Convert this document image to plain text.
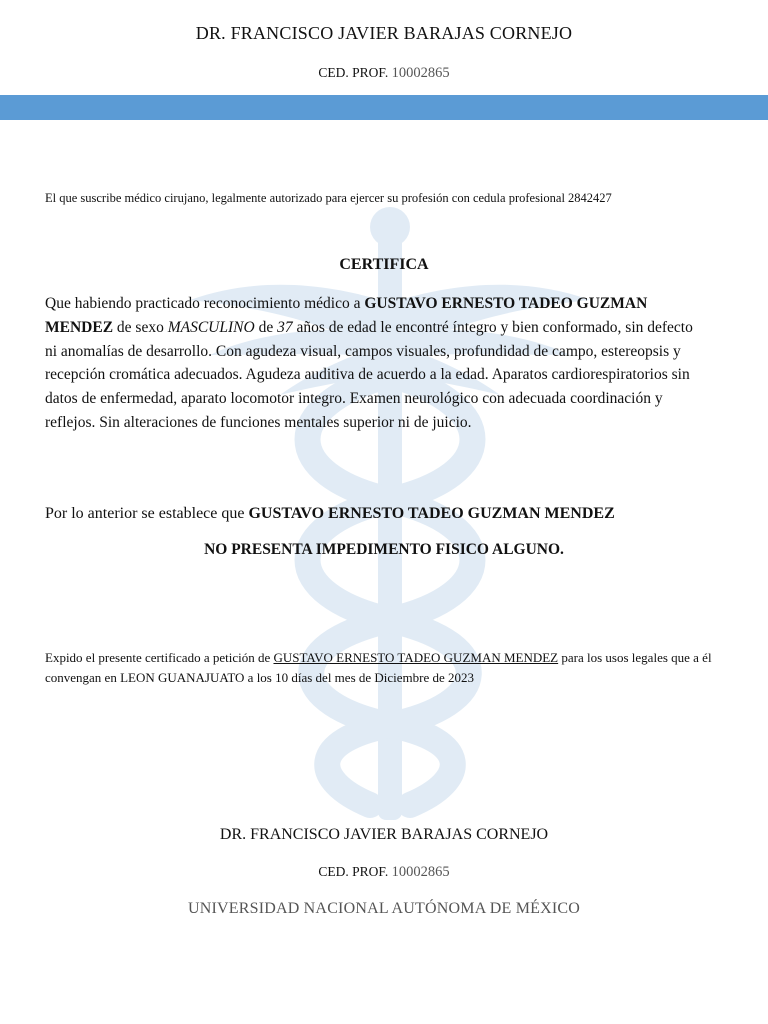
DR. FRANCISCO JAVIER BARAJAS CORNEJO
CED. PROF. 10002865
El que suscribe médico cirujano, legalmente autorizado para ejercer su profesión con cedula profesional 2842427
CERTIFICA
Que habiendo practicado reconocimiento médico a GUSTAVO ERNESTO TADEO GUZMAN MENDEZ de sexo MASCULINO de 37 años de edad le encontré íntegro y bien conformado, sin defecto ni anomalías de desarrollo. Con agudeza visual, campos visuales, profundidad de campo, estereopsis y recepción cromática adecuados. Agudeza auditiva de acuerdo a la edad. Aparatos cardiorespiratorios sin datos de enfermedad, aparato locomotor integro. Examen neurológico con adecuada coordinación y reflejos. Sin alteraciones de funciones mentales superior ni de juicio.
Por lo anterior se establece que GUSTAVO ERNESTO TADEO GUZMAN MENDEZ
NO PRESENTA IMPEDIMENTO FISICO ALGUNO.
Expido el presente certificado a petición de GUSTAVO ERNESTO TADEO GUZMAN MENDEZ para los usos legales que a él convengan en LEON GUANAJUATO a los 10 días del mes de Diciembre de 2023
DR. FRANCISCO JAVIER BARAJAS CORNEJO
CED. PROF. 10002865
UNIVERSIDAD NACIONAL AUTÓNOMA DE MÉXICO
